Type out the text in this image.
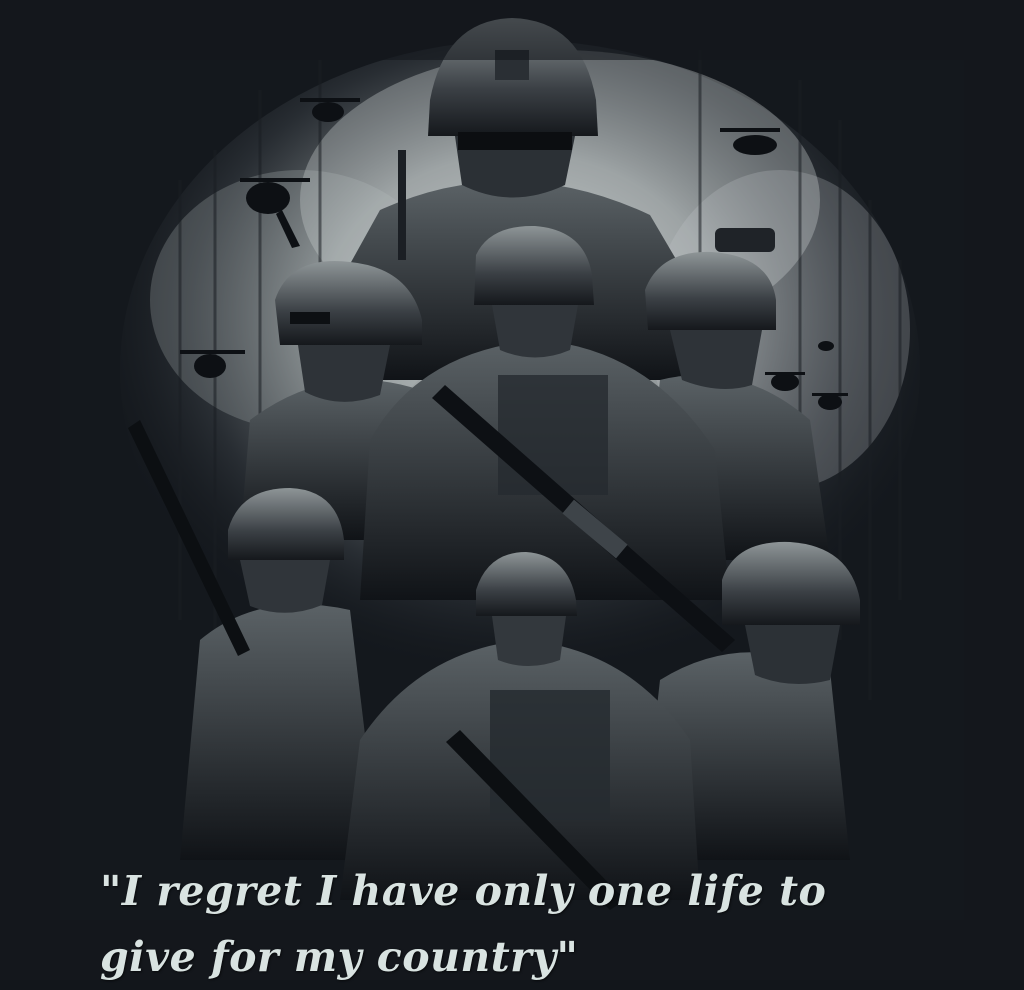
"I regret I have only one life to
give for my country"
